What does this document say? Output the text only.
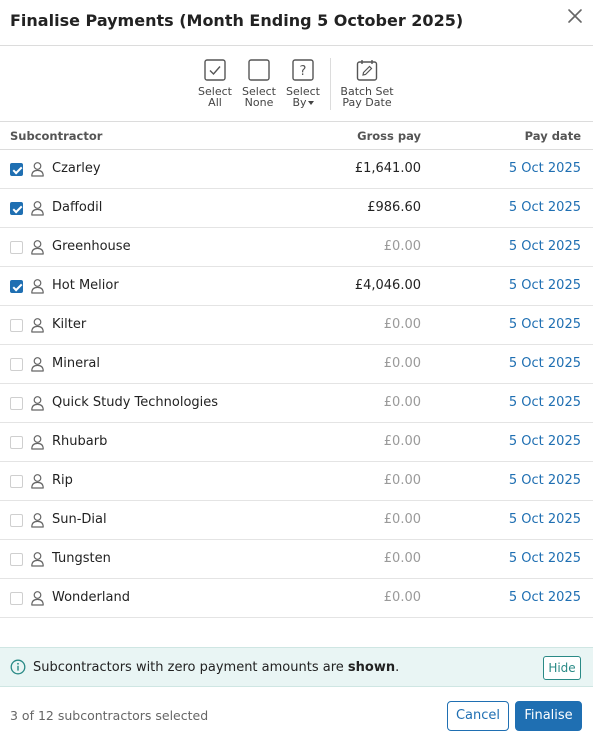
Finalise Payments (Month Ending 5 October 2025)
Select
All
Select
None
?
Select
By
Batch Set
Pay Date
Subcontractor	Gross pay	Pay date
Czarley	£1,641.00	5 Oct 2025
Daffodil	£986.60	5 Oct 2025
Greenhouse	£0.00	5 Oct 2025
Hot Melior	£4,046.00	5 Oct 2025
Kilter	£0.00	5 Oct 2025
Mineral	£0.00	5 Oct 2025
Quick Study Technologies	£0.00	5 Oct 2025
Rhubarb	£0.00	5 Oct 2025
Rip	£0.00	5 Oct 2025
Sun-Dial	£0.00	5 Oct 2025
Tungsten	£0.00	5 Oct 2025
Wonderland	£0.00	5 Oct 2025
Subcontractors with zero payment amounts are shown.	Hide
3 of 12 subcontractors selected	Cancel	Finalise
